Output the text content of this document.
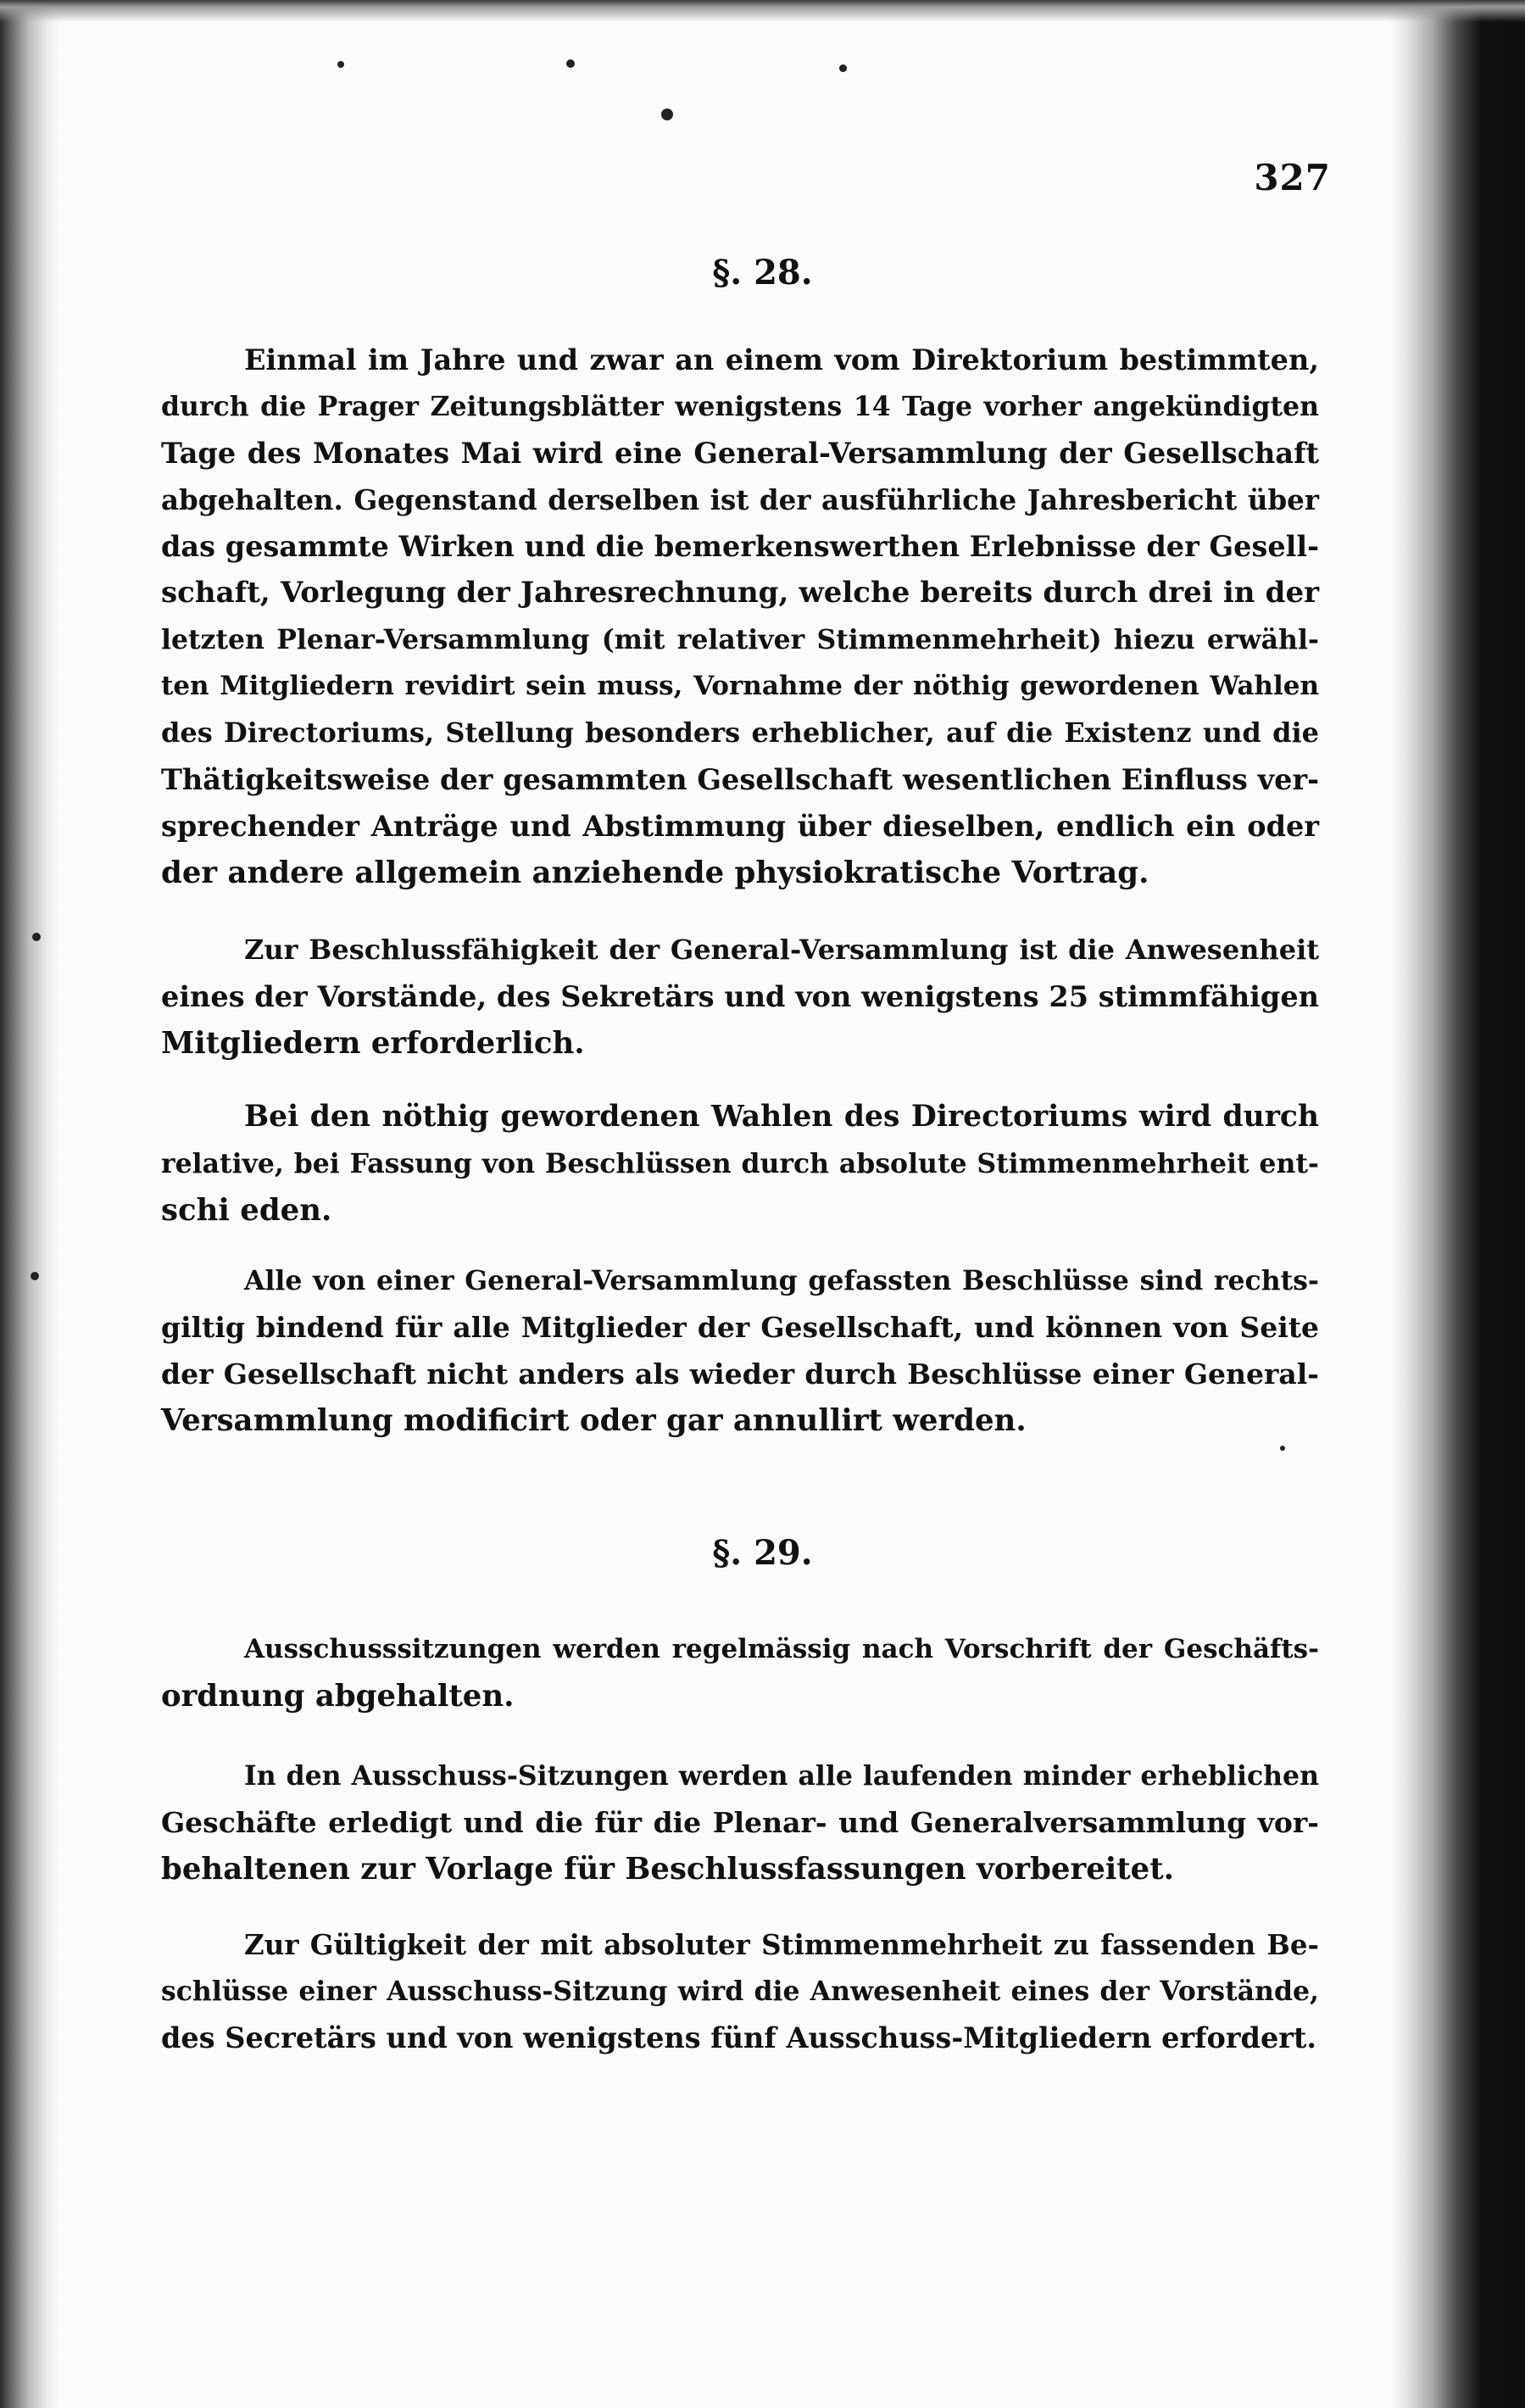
327
§. 28.
Einmal im Jahre und zwar an einem vom Direktorium bestimmten,
durch die Prager Zeitungsblätter wenigstens 14 Tage vorher angekündigten
Tage des Monates Mai wird eine General-Versammlung der Gesellschaft
abgehalten. Gegenstand derselben ist der ausführliche Jahresbericht über
das gesammte Wirken und die bemerkenswerthen Erlebnisse der Gesell-
schaft, Vorlegung der Jahresrechnung, welche bereits durch drei in der
letzten Plenar-Versammlung (mit relativer Stimmenmehrheit) hiezu erwähl-
ten Mitgliedern revidirt sein muss, Vornahme der nöthig gewordenen Wahlen
des Directoriums, Stellung besonders erheblicher, auf die Existenz und die
Thätigkeitsweise der gesammten Gesellschaft wesentlichen Einfluss ver-
sprechender Anträge und Abstimmung über dieselben, endlich ein oder
der andere allgemein anziehende physiokratische Vortrag.
Zur Beschlussfähigkeit der General-Versammlung ist die Anwesenheit
eines der Vorstände, des Sekretärs und von wenigstens 25 stimmfähigen
Mitgliedern erforderlich.
Bei den nöthig gewordenen Wahlen des Directoriums wird durch
relative, bei Fassung von Beschlüssen durch absolute Stimmenmehrheit ent-
schi eden.
Alle von einer General-Versammlung gefassten Beschlüsse sind rechts-
giltig bindend für alle Mitglieder der Gesellschaft, und können von Seite
der Gesellschaft nicht anders als wieder durch Beschlüsse einer General-
Versammlung modificirt oder gar annullirt werden.
§. 29.
Ausschusssitzungen werden regelmässig nach Vorschrift der Geschäfts-
ordnung abgehalten.
In den Ausschuss-Sitzungen werden alle laufenden minder erheblichen
Geschäfte erledigt und die für die Plenar- und Generalversammlung vor-
behaltenen zur Vorlage für Beschlussfassungen vorbereitet.
Zur Gültigkeit der mit absoluter Stimmenmehrheit zu fassenden Be-
schlüsse einer Ausschuss-Sitzung wird die Anwesenheit eines der Vorstände,
des Secretärs und von wenigstens fünf Ausschuss-Mitgliedern erfordert.
